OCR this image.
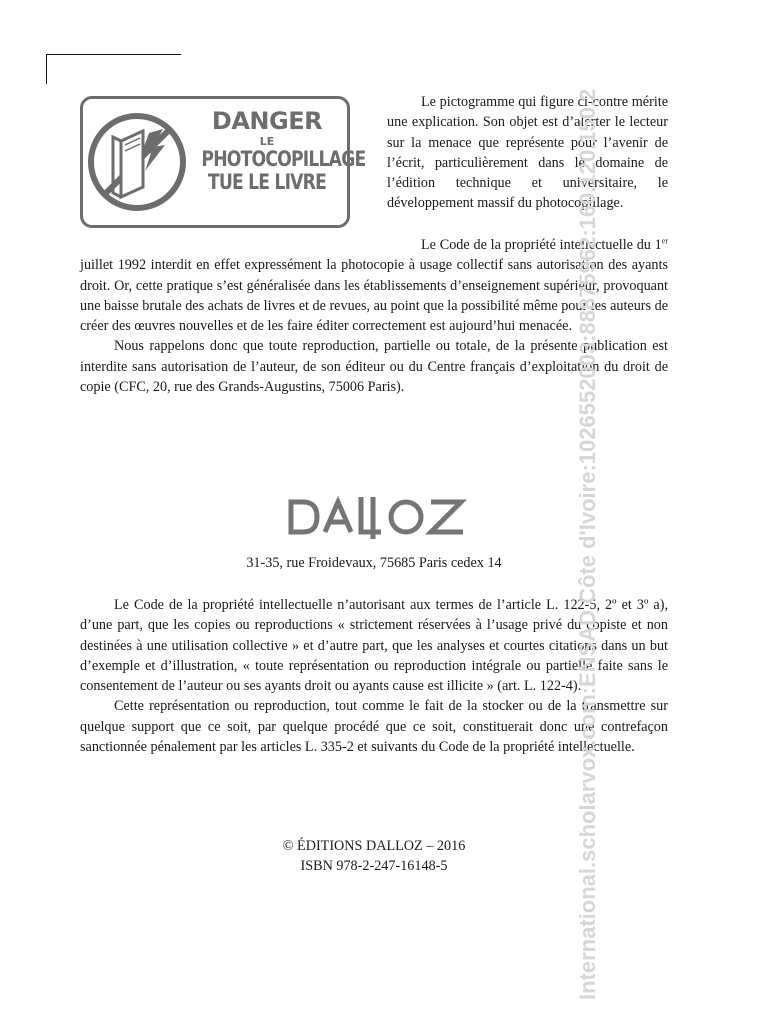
DANGER
LE
PHOTOCOPILLAGE
TUE LE LIVRE

Le pictogramme qui figure ci-contre mérite une explication. Son objet est d’alerter le lecteur sur la menace que représente pour l’avenir de l’écrit, particulièrement dans le domaine de l’édition technique et universitaire, le développement massif du photocopillage.

Le Code de la propriété intellectuelle du 1er juillet 1992 interdit en effet expressément la photocopie à usage collectif sans autorisation des ayants droit. Or, cette pratique s’est généralisée dans les établissements d’enseignement supérieur, provoquant une baisse brutale des achats de livres et de revues, au point que la possibilité même pour les auteurs de créer des œuvres nouvelles et de les faire éditer correctement est aujourd’hui menacée.

Nous rappelons donc que toute reproduction, partielle ou totale, de la présente publication est interdite sans autorisation de l’auteur, de son éditeur ou du Centre français d’exploitation du droit de copie (CFC, 20, rue des Grands-Augustins, 75006 Paris).

31-35, rue Froidevaux, 75685 Paris cedex 14

Le Code de la propriété intellectuelle n’autorisant aux termes de l’article L. 122-5, 2º et 3º a), d’une part, que les copies ou reproductions « strictement réservées à l’usage privé du copiste et non destinées à une utilisation collective » et d’autre part, que les analyses et courtes citations dans un but d’exemple et d’illustration, « toute représentation ou reproduction intégrale ou partielle faite sans le consentement de l’auteur ou ses ayants droit ou ayants cause est illicite » (art. L. 122-4).

Cette représentation ou reproduction, tout comme le fait de la stocker ou de la transmettre sur quelque support que ce soit, par quelque procédé que ce soit, constituerait donc une contrefaçon sanctionnée pénalement par les articles L. 335-2 et suivants du Code de la propriété intellectuelle.

© ÉDITIONS DALLOZ – 2016
ISBN 978-2-247-16148-5	International.scholarvox.com:ENSAD Côte d'Ivoire:1026552003:88875962:160.120.150.2
